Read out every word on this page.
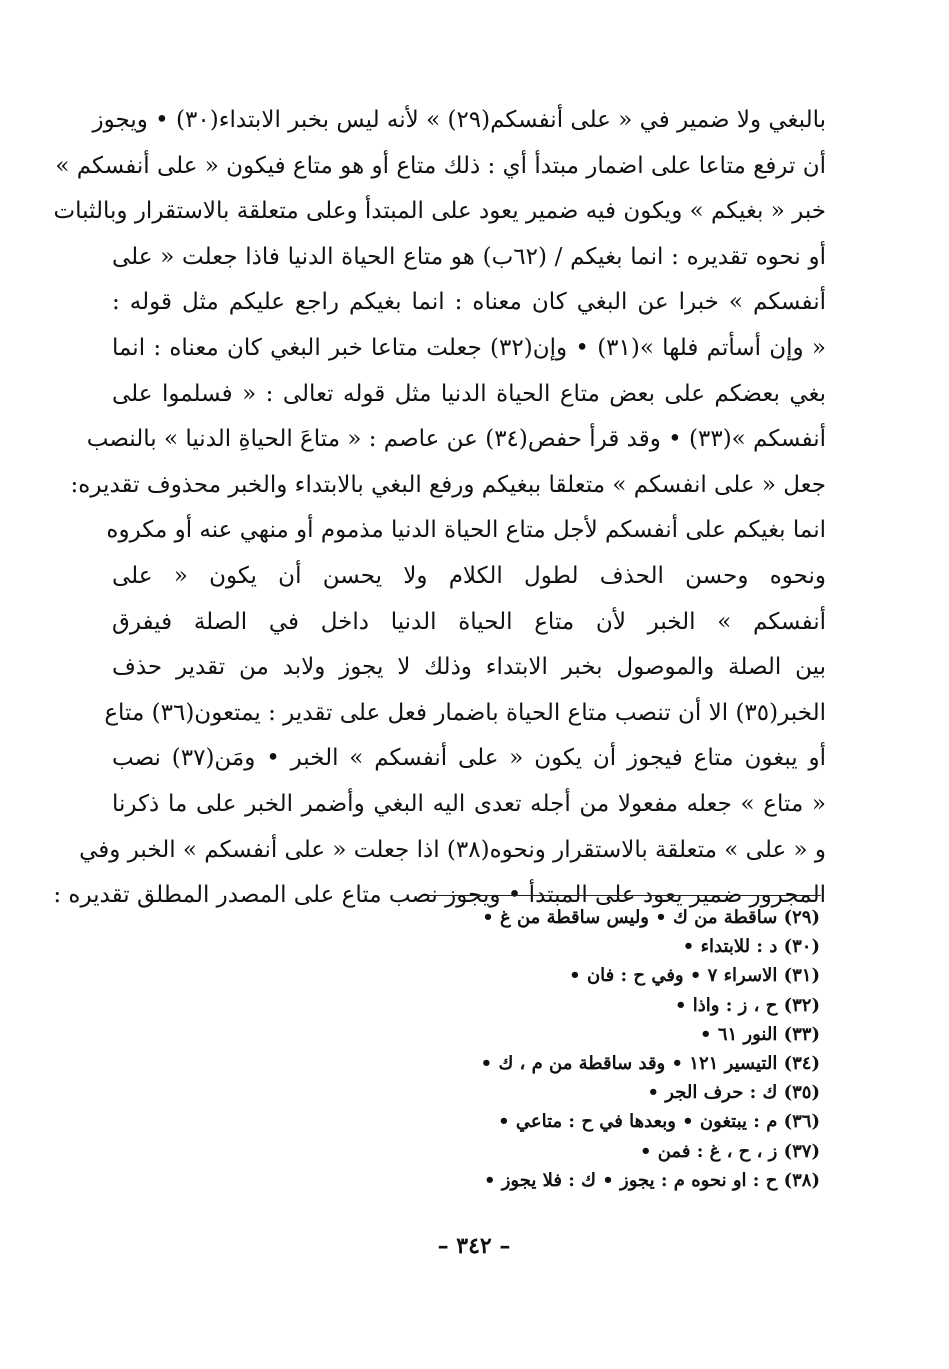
بالبغي ولا ضمير في « على أنفسكم(٢٩) » لأنه ليس بخبر الابتداء(٣٠) • ويجوز
أن ترفع متاعا على اضمار مبتدأ أي : ذلك متاع أو هو متاع فيكون « على أنفسكم »
خبر « بغيكم » ويكون فيه ضمير يعود على المبتدأ وعلى متعلقة بالاستقرار وبالثبات
أو نحوه تقديره : انما بغيكم / (٦٢ب) هو متاع الحياة الدنيا فاذا جعلت « على
أنفسكم » خبرا عن البغي كان معناه : انما بغيكم راجع عليكم مثل قوله :
« وإن أسأتم فلها »(٣١) • وإن(٣٢) جعلت متاعا خبر البغي كان معناه : انما
بغي بعضكم على بعض متاع الحياة الدنيا مثل قوله تعالى : « فسلموا على
أنفسكم »(٣٣) • وقد قرأ حفص(٣٤) عن عاصم : « متاعَ الحياةِ الدنيا » بالنصب
جعل « على انفسكم » متعلقا ببغيكم ورفع البغي بالابتداء والخبر محذوف تقديره:
انما بغيكم على أنفسكم لأجل متاع الحياة الدنيا مذموم أو منهي عنه أو مكروه
ونحوه وحسن الحذف لطول الكلام ولا يحسن أن يكون « على
أنفسكم » الخبر لأن متاع الحياة الدنيا داخل في الصلة فيفرق
بين الصلة والموصول بخبر الابتداء وذلك لا يجوز ولابد من تقدير حذف
الخبر(٣٥) الا أن تنصب متاع الحياة باضمار فعل على تقدير : يمتعون(٣٦) متاع
أو يبغون متاع فيجوز أن يكون « على أنفسكم » الخبر • ومَن(٣٧) نصب
« متاع » جعله مفعولا من أجله تعدى اليه البغي وأضمر الخبر على ما ذكرنا
و « على » متعلقة بالاستقرار ونحوه(٣٨) اذا جعلت « على أنفسكم » الخبر وفي
المجرور ضمير يعود على المبتدأ • ويجوز نصب متاع على المصدر المطلق تقديره :
(٢٩) ساقطة من ك • وليس ساقطة من غ •
(٣٠) د : للابتداء •
(٣١) الاسراء ٧ • وفي ح : فان •
(٣٢) ح ، ز : واذا •
(٣٣) النور ٦١ •
(٣٤) التيسير ١٢١ • وقد ساقطة من م ، ك •
(٣٥) ك : حرف الجر •
(٣٦) م : يبتغون • وبعدها في ح : متاعي •
(٣٧) ز ، ح ، غ : فمن •
(٣٨) ح : او نحوه م : يجوز • ك : فلا يجوز •
– ٣٤٢ –
